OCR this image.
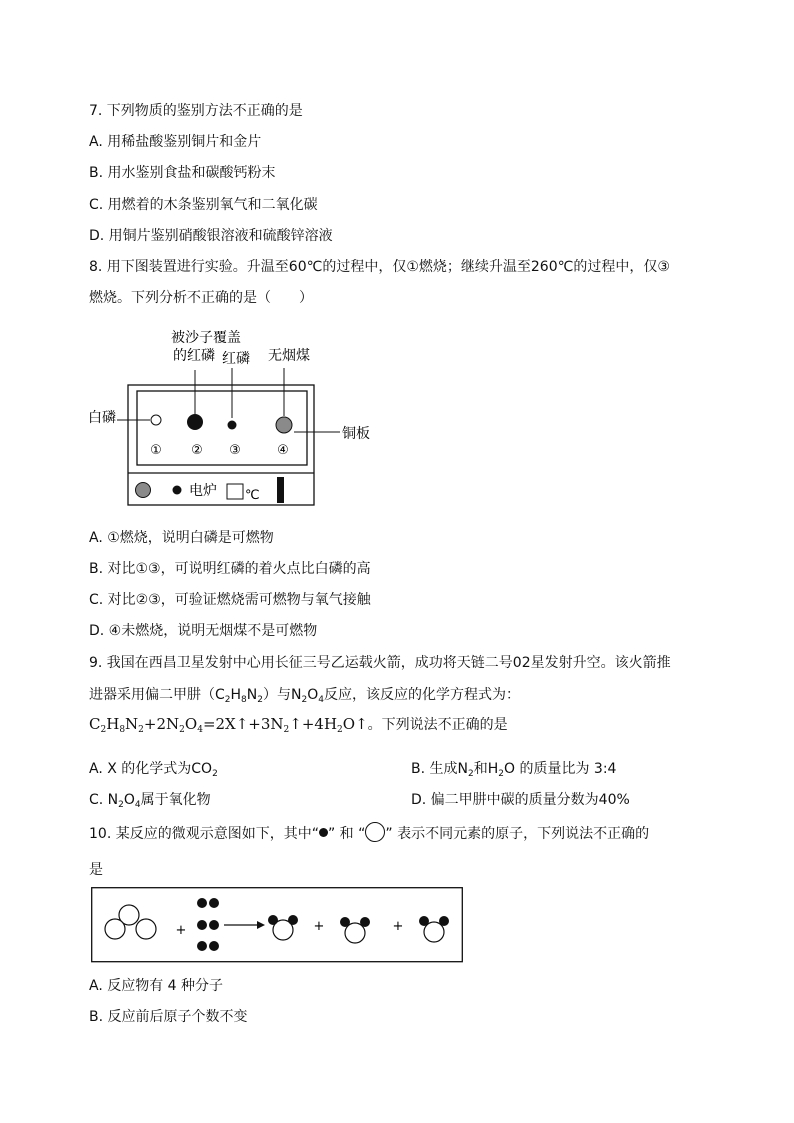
7. 下列物质的鉴别方法不正确的是
A. 用稀盐酸鉴别铜片和金片
B. 用水鉴别食盐和碳酸钙粉末
C. 用燃着的木条鉴别氧气和二氧化碳
D. 用铜片鉴别硝酸银溶液和硫酸锌溶液
8. 用下图装置进行实验。升温至60℃的过程中，仅①燃烧；继续升温至260℃的过程中，仅③
燃烧。下列分析不正确的是（　　）
被沙子覆盖
的红磷 红磷 无烟煤
白磷
铜板
① ② ③	④
电炉 ℃
A. ①燃烧，说明白磷是可燃物
B. 对比①③，可说明红磷的着火点比白磷的高
C. 对比②③，可验证燃烧需可燃物与氧气接触
D. ④未燃烧，说明无烟煤不是可燃物
9. 我国在西昌卫星发射中心用长征三号乙运载火箭，成功将天链二号02星发射升空。该火箭推
进器采用偏二甲肼$(C_2H_8N_2)$与$N_2O_4$反应，该反应的化学方程式为：
$C_2H_8N_2+2N_2O_4=2X↑+3N_2↑+4H_2O↑$。下列说法不正确的是
A. X 的化学式为$CO_2$	B. 生成$N_2$和$H_2O$ 的质量比为 3:4
C. $N_2O_4$属于氧化物	D. 偏二甲肼中碳的质量分数为40%
10. 某反应的微观示意图如下，其中“ ” 和 “ ” 表示不同元素的原子，下列说法不正确的
是
+	+	+
A. 反应物有 4 种分子
B. 反应前后原子个数不变
